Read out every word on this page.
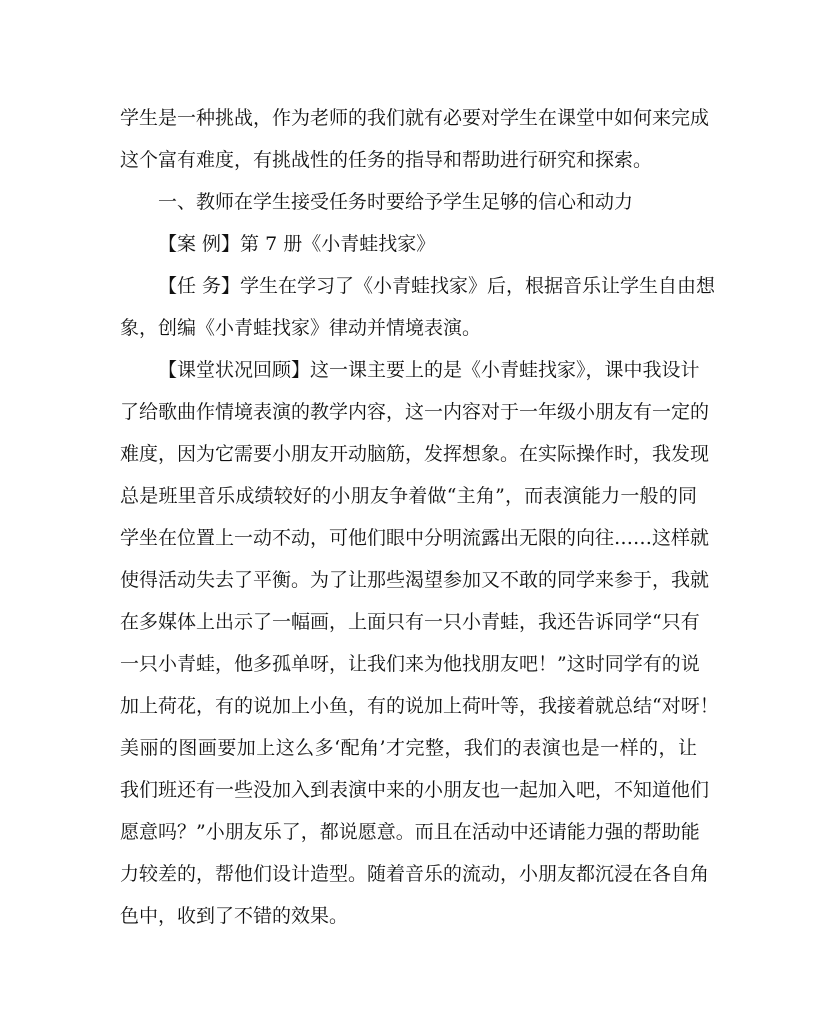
学生是一种挑战，作为老师的我们就有必要对学生在课堂中如何来完成
这个富有难度，有挑战性的任务的指导和帮助进行研究和探索。
一、教师在学生接受任务时要给予学生足够的信心和动力
【案 例】第 7 册《小青蛙找家》
【任 务】学生在学习了《小青蛙找家》后，根据音乐让学生自由想
象，创编《小青蛙找家》律动并情境表演。
【课堂状况回顾】这一课主要上的是《小青蛙找家》，课中我设计
了给歌曲作情境表演的教学内容，这一内容对于一年级小朋友有一定的
难度，因为它需要小朋友开动脑筋，发挥想象。在实际操作时，我发现
总是班里音乐成绩较好的小朋友争着做“主角”，而表演能力一般的同
学坐在位置上一动不动，可他们眼中分明流露出无限的向往……这样就
使得活动失去了平衡。为了让那些渴望参加又不敢的同学来参于，我就
在多媒体上出示了一幅画，上面只有一只小青蛙，我还告诉同学“只有
一只小青蛙，他多孤单呀，让我们来为他找朋友吧！”这时同学有的说
加上荷花，有的说加上小鱼，有的说加上荷叶等，我接着就总结“对呀！
美丽的图画要加上这么多‘配角’才完整，我们的表演也是一样的，让
我们班还有一些没加入到表演中来的小朋友也一起加入吧，不知道他们
愿意吗？”小朋友乐了，都说愿意。而且在活动中还请能力强的帮助能
力较差的，帮他们设计造型。随着音乐的流动，小朋友都沉浸在各自角
色中，收到了不错的效果。
